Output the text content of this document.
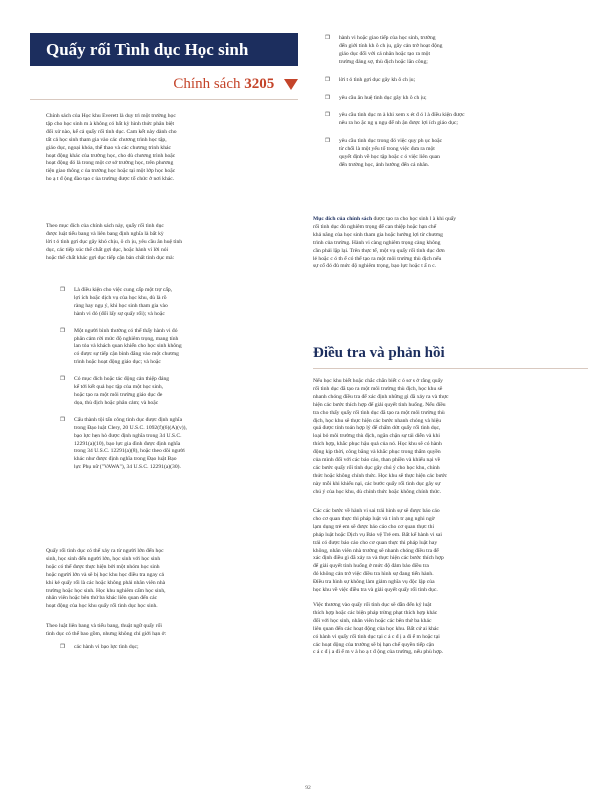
Quấy rối Tình dục Học sinh
Chính sách 3205

Chính sách của Học khu Everett là duy trì một trường học

tập cho học sinh m à không có bất kỳ hình thức phân biệt

đối xử nào, kể cả quấy rối tình dục. Cam kết này dành cho

tất cả học sinh tham gia vào các chương trình học tập,

giáo dục, ngoại khóa, thể thao và các chương trình khác

hoạt động khác của trường học, cho dù chương trình hoặc

hoạt động đó là trong một cơ sở trường học, trên phương

tiện giao thông c ủa trường học hoặc tại một lớp học hoặc

ho ạ t đ ộng đào tạo c ủa trường được tổ chức ở nơi khác.

Theo mục đích của chính sách này, quấy rối tình dục

được luật tiểu bang và liên bang định nghĩa là bất kỳ

lời t ỏ tình gợi dục gây khó chịu, ô ch ịu, yêu cầu ân huệ tình

dục, các tiếp xúc thể chất gợi dục, hoặc hành vi lời nói

hoặc thể chất khác gợi dục tiếp cận bản chất tình dục mà:

❒ Là điều kiện cho việc cung cấp một trợ cấp,
lợi ích hoặc dịch vụ của học khu, dù là rõ
ràng hay ngụ ý, khi học sinh tham gia vào
hành vi đó (đối lấy sự quấy rối); và hoặc
❒ Một người bình thường có thể thấy hành vi đó
phân cảm rời mức độ nghiêm trọng, mang tính
lan tỏa và khách quan khiến cho học sinh không
có được sự tiếp cận bình đẳng vào một chương
trình hoặc hoạt động giáo dục; và hoặc
❒ Có mục đích hoặc tác động cản thiệp đáng
kể tới kết quả học tập của một học sinh,
hoặc tạo ra một môi trường giáo dục đe
dọa, thù địch hoặc phân cảm; và hoặc
❒ Cấu thành tội tấn công tình dục được định nghĩa
trong Đạo luật Clery, 20 U.S.C. 1092(f)(6)(A)(v)),
bạo lực hẹn hò được định nghĩa trong 34 U.S.C.
12291(a)(10), bạo lực gia đình được định nghĩa
trong 34 U.S.C. 12291(a)(8), hoặc theo dõi người
khác như được định nghĩa trong Đạo luật Bạo
lực Phụ nữ ("VAWA"), 34 U.S.C. 12291(a)(30).

Quấy rối tình dục có thể xảy ra từ người lớn đến học

sinh, học sinh đến người lớn, học sinh với học sinh

hoặc có thể được thực hiện bởi một nhóm học sinh

hoặc người lớn và sẽ bị học khu học điều tra ngay cả

khi kẻ quấy rối là các hoặc không phải nhân viên nhà

trường hoặc học sinh. Học khu nghiêm cấm học sinh,

nhân viên hoặc bên thứ ba khác liên quan đến các

hoạt động của học khu quấy rối tình dục học sinh.

Theo luật liên bang và tiểu bang, thuật ngữ quấy rối

tình dục có thể bao gồm, nhưng không chỉ giới hạn ở:

❒ các hành vi bạo lực tình dục;
❒ hành vi hoặc giao tiếp của học sinh, trường
đến giới tính kh ô ch ịu, gây cản trở hoạt động
giáo dục đối với cá nhân hoặc tạo ra một
trường đáng sợ, thù địch hoặc lăn công;
❒ lời t ỏ tình gợi dục gây kh ô ch ịu;
❒ yêu cầu ân huệ tình dục gây kh ô ch ịu;
❒ yêu cầu tình dục m à khi xem x ét đ ó l à điều kiện được
nêu ra ho ặc ng ụ ngụ để nh ận được lợi ích giáo dục;
❒ yêu cầu tình dục trong đó việc quy ph ục hoặc
từ chối là một yếu tố trong việc đưa ra một
quyết định về học tập hoặc c ó việc liên quan
đến trường học, ảnh hưởng đến cá nhân.

Mục đích của chính sách được tạo ra cho học sinh l à khi quấy

rối tình dục đủ nghiêm trọng để can thiệp hoặc hạn chế

khả năng của học sinh tham gia hoặc hưởng lợi từ chương

trình của trường. Hành vi càng nghiêm trọng càng không

cần phải lặp lại. Trên thực tế, một vụ quấy rối tình dục đơn

lẻ hoặc c ó th ể có thể tạo ra một môi trường thù địch nếu

sự cố đó đủ mức độ nghiêm trọng, bạo lực hoặc t ấ n c.

Điều tra và phản hồi

Nếu học khu biết hoặc chắc chắn biết c ó sơ s ở rằng quấy

rối tình dục đã tạo ra một môi trường thù địch, học khu sẽ

nhanh chóng điều tra để xác định những gì đã xảy ra và thực

hiện các bước thích hợp để giải quyết tình huống. Nếu điều

tra cho thấy quấy rối tình dục đã tạo ra một môi trường thù

địch, học khu sẽ thực hiện các bước nhanh chóng và hiệu

quả được tính toán hợp lý để chấm dứt quấy rối tình dục,

loại bỏ môi trường thù địch, ngăn chặn sự tái diễn và khi

thích hợp, khắc phục hậu quả của nó. Học khu sẽ có hành

động kịp thời, công bằng và khắc phục trong thẩm quyền

của mình đối với các báo cáo, than phiền và khiếu nại về

các bước quấy rối tình dục gây chú ý cho học khu, chính

thức hoặc không chính thức. Học khu sẽ thực hiện các bước

này mỗi khi khiếu nại, các bước quấy rối tình dục gây sự

chú ý của học khu, dù chính thức hoặc không chính thức.

Các các bước về hành vi sai trái hình sự sẽ được báo cáo

cho cơ quan thực thi pháp luật và t ình tr ạng nghi ngờ

lạm dụng trẻ em sẽ được báo cáo cho cơ quan thực thi

pháp luật hoặc Dịch vụ Bảo vệ Trẻ em. Bất kể hành vi sai

trái có được báo cáo cho cơ quan thực thi pháp luật hay

không, nhân viên nhà trường sẽ nhanh chóng điều tra để

xác định điều gì đã xảy ra và thực hiện các bước thích hợp

để giải quyết tình huống ở mức độ đảm bảo điều tra

đó không cản trở việc điều tra hình sự đang tiến hành.

Điều tra hình sự không làm giảm nghĩa vụ độc lập của

học khu về việc điều tra và giải quyết quấy rối tình dục.

Việc thương vào quấy rối tình dục sẽ dẫn đến kỷ luật

thích hợp hoặc các biện pháp trừng phạt thích hợp khác

đối với học sinh, nhân viên hoặc các bên thứ ba khác

liên quan đến các hoạt động của học khu. Bất cứ ai khác

có hành vi quấy rối tình dục tại c á c đ ị a đi ể m hoặc tại

các hoạt động của trường sẽ bị hạn chế quyền tiếp cận

c á c đ ị a đi ể m v à ho ạ t đ ộng của trường, nếu phù hợp.

92
